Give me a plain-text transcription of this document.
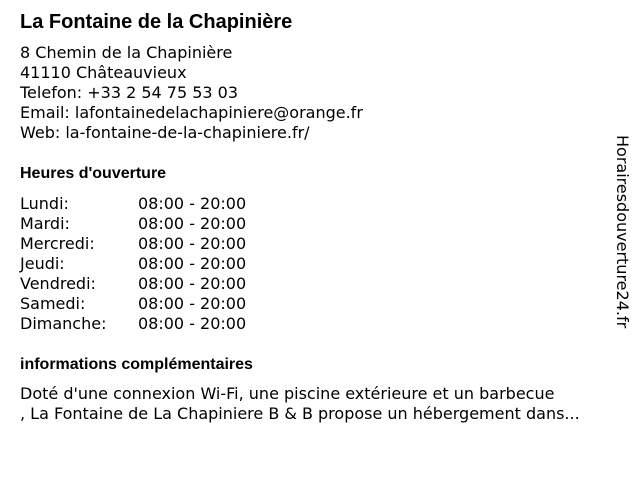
La Fontaine de la Chapinière
8 Chemin de la Chapinière
41110 Châteauvieux
Telefon: +33 2 54 75 53 03
Email: lafontainedelachapiniere@orange.fr
Web: la-fontaine-de-la-chapiniere.fr/
Heures d'ouverture
Lundi:	08:00 - 20:00
Mardi:	08:00 - 20:00
Mercredi:	08:00 - 20:00
Jeudi:	08:00 - 20:00
Vendredi:	08:00 - 20:00
Samedi:	08:00 - 20:00
Dimanche:	08:00 - 20:00
informations complémentaires
Doté d'une connexion Wi-Fi, une piscine extérieure et un barbecue
, La Fontaine de La Chapiniere B & B propose un hébergement dans...
Horairesdouverture24.fr
